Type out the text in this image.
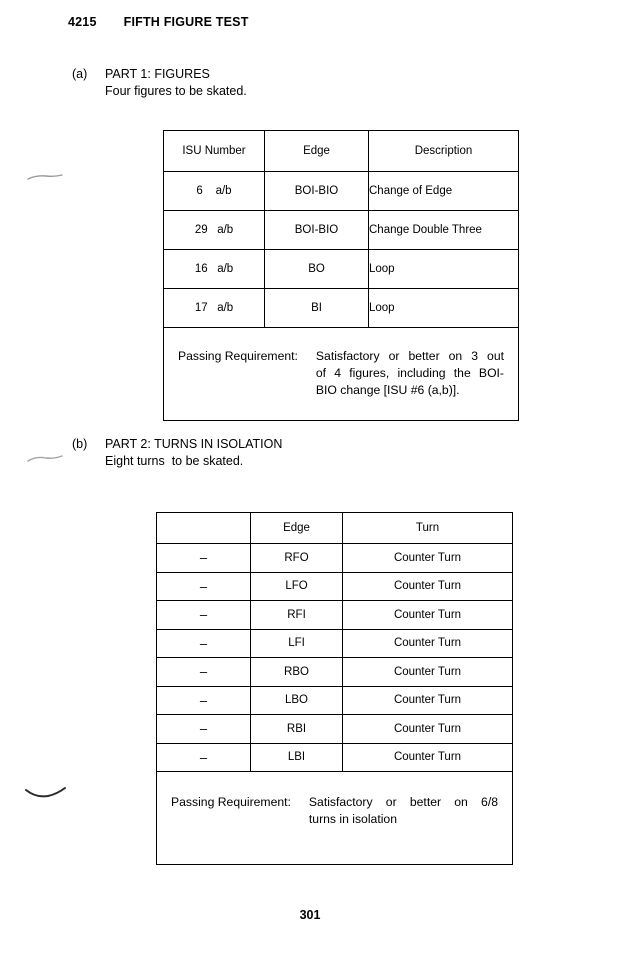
4215 FIFTH FIGURE TEST
(a)	PART 1: FIGURES
Four figures to be skated.
ISU Number	Edge	Description
6    a/b	BOI-BIO	Change of Edge
29   a/b	BOI-BIO	Change Double Three
16   a/b	BO	Loop
17   a/b	BI	Loop

Passing Requirement: Satisfactory or better on 3 out
of 4 figures, including the BOI-
BIO change [ISU #6 (a,b)].		
(b)	PART 2: TURNS IN ISOLATION
Eight turns  to be skated.
	Edge	Turn
–	RFO	Counter Turn
–	LFO	Counter Turn
–	RFI	Counter Turn
–	LFI	Counter Turn
–	RBO	Counter Turn
–	LBO	Counter Turn
–	RBI	Counter Turn
–	LBI	Counter Turn

Passing Requirement: Satisfactory or better on 6/8
turns in isolation		
301
